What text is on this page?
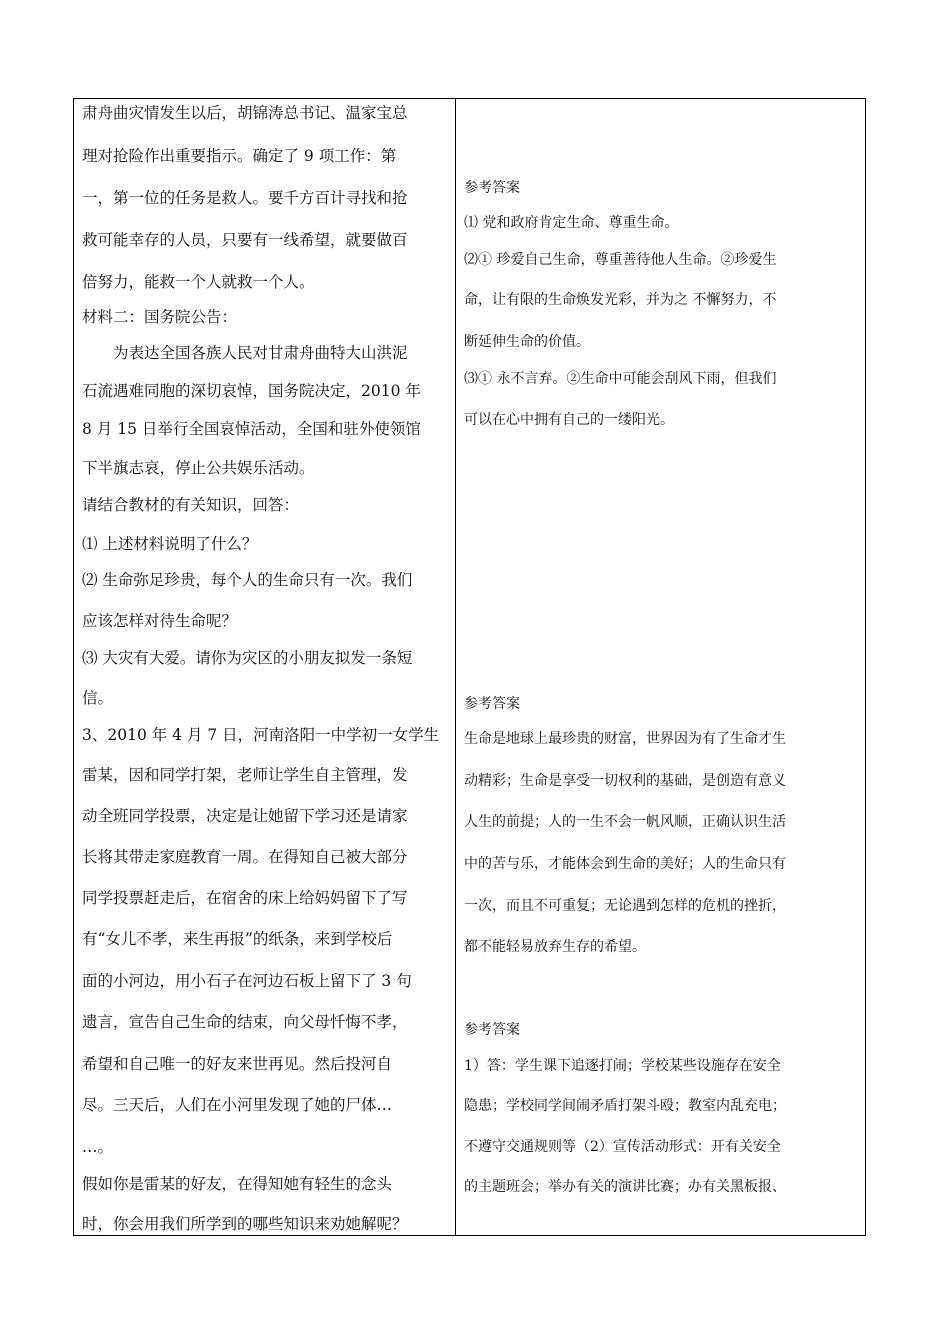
肃舟曲灾情发生以后，胡锦涛总书记、温家宝总
理对抢险作出重要指示。确定了 9 项工作：第
一，第一位的任务是救人。要千方百计寻找和抢
救可能幸存的人员，只要有一线希望，就要做百
倍努力，能救一个人就救一个人。
材料二：国务院公告：
为表达全国各族人民对甘肃舟曲特大山洪泥
石流遇难同胞的深切哀悼，国务院决定，2010 年
8 月 15 日举行全国哀悼活动，全国和驻外使领馆
下半旗志哀，停止公共娱乐活动。
请结合教材的有关知识，回答：
⑴ 上述材料说明了什么？
⑵ 生命弥足珍贵，每个人的生命只有一次。我们
应该怎样对待生命呢？
⑶ 大灾有大爱。请你为灾区的小朋友拟发一条短
信。
3、2010 年 4 月 7 日，河南洛阳一中学初一女学生
雷某，因和同学打架，老师让学生自主管理，发
动全班同学投票，决定是让她留下学习还是请家
长将其带走家庭教育一周。在得知自己被大部分
同学投票赶走后，在宿舍的床上给妈妈留下了写
有“女儿不孝，来生再报”的纸条，来到学校后
面的小河边，用小石子在河边石板上留下了 3 句
遗言，宣告自己生命的结束，向父母忏悔不孝，
希望和自己唯一的好友来世再见。然后投河自
尽。三天后，人们在小河里发现了她的尸体…
…。
假如你是雷某的好友，在得知她有轻生的念头
时，你会用我们所学到的哪些知识来劝她解呢？
参考答案
⑴ 党和政府肯定生命、尊重生命。
⑵① 珍爱自己生命，尊重善待他人生命。②珍爱生
命，让有限的生命焕发光彩，并为之 不懈努力，不
断延伸生命的价值。
⑶① 永不言弃。②生命中可能会刮风下雨，但我们
可以在心中拥有自己的一缕阳光。
参考答案
生命是地球上最珍贵的财富，世界因为有了生命才生
动精彩；生命是享受一切权利的基础，是创造有意义
人生的前提；人的一生不会一帆风顺，正确认识生活
中的苦与乐，才能体会到生命的美好；人的生命只有
一次，而且不可重复；无论遇到怎样的危机的挫折，
都不能轻易放弃生存的希望。
参考答案
1）答：学生课下追逐打闹；学校某些设施存在安全
隐患；学校同学间闹矛盾打架斗殴；教室内乱充电；
不遵守交通规则等（2）宣传活动形式：开有关安全
的主题班会；举办有关的演讲比赛；办有关黑板报、
